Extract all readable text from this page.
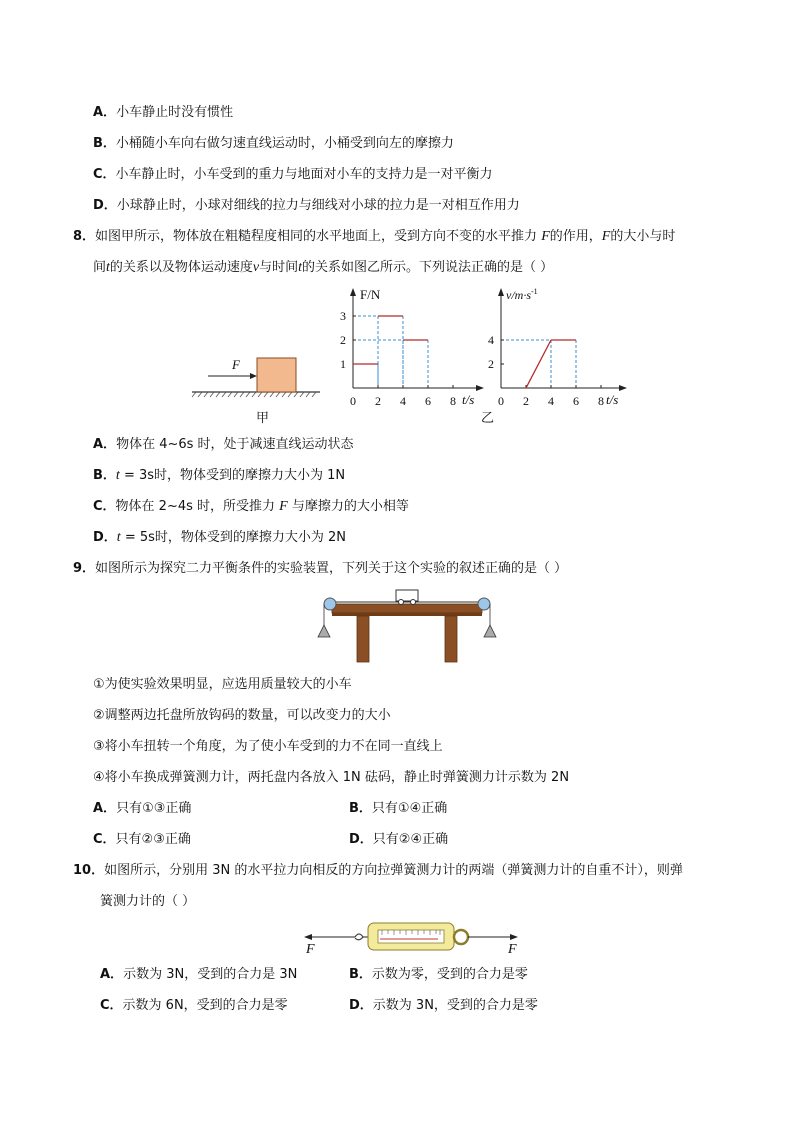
A．小车静止时没有惯性
B．小桶随小车向右做匀速直线运动时，小桶受到向左的摩擦力
C．小车静止时，小车受到的重力与地面对小车的支持力是一对平衡力
D．小球静止时，小球对细线的拉力与细线对小球的拉力是一对相互作用力
8．如图甲所示，物体放在粗糙程度相同的水平地面上，受到方向不变的水平推力 F的作用，F的大小与时
间t的关系以及物体运动速度v与时间t的关系如图乙所示。下列说法正确的是（ ）
F
甲
0 2 4 6 8
1
2
3
F/N
t/s 0 2 4 6 8
2
4
$v/m\cdot s^{-1}$
t/s
乙
A．物体在 4~6s 时，处于减速直线运动状态
B．t = 3s时，物体受到的摩擦力大小为 1N
C．物体在 2~4s 时，所受推力 F 与摩擦力的大小相等
D．t = 5s时，物体受到的摩擦力大小为 2N
9．如图所示为探究二力平衡条件的实验装置，下列关于这个实验的叙述正确的是（ ）
①为使实验效果明显，应选用质量较大的小车
②调整两边托盘所放钩码的数量，可以改变力的大小
③将小车扭转一个角度，为了使小车受到的力不在同一直线上
④将小车换成弹簧测力计，两托盘内各放入 1N 砝码，静止时弹簧测力计示数为 2N
A．只有①③正确	B．只有①④正确
C．只有②③正确	D．只有②④正确
10．如图所示，分别用 3N 的水平拉力向相反的方向拉弹簧测力计的两端（弹簧测力计的自重不计），则弹
簧测力计的（ ）
F	F
A．示数为 3N，受到的合力是 3N	B．示数为零，受到的合力是零
C．示数为 6N，受到的合力是零	D．示数为 3N，受到的合力是零
